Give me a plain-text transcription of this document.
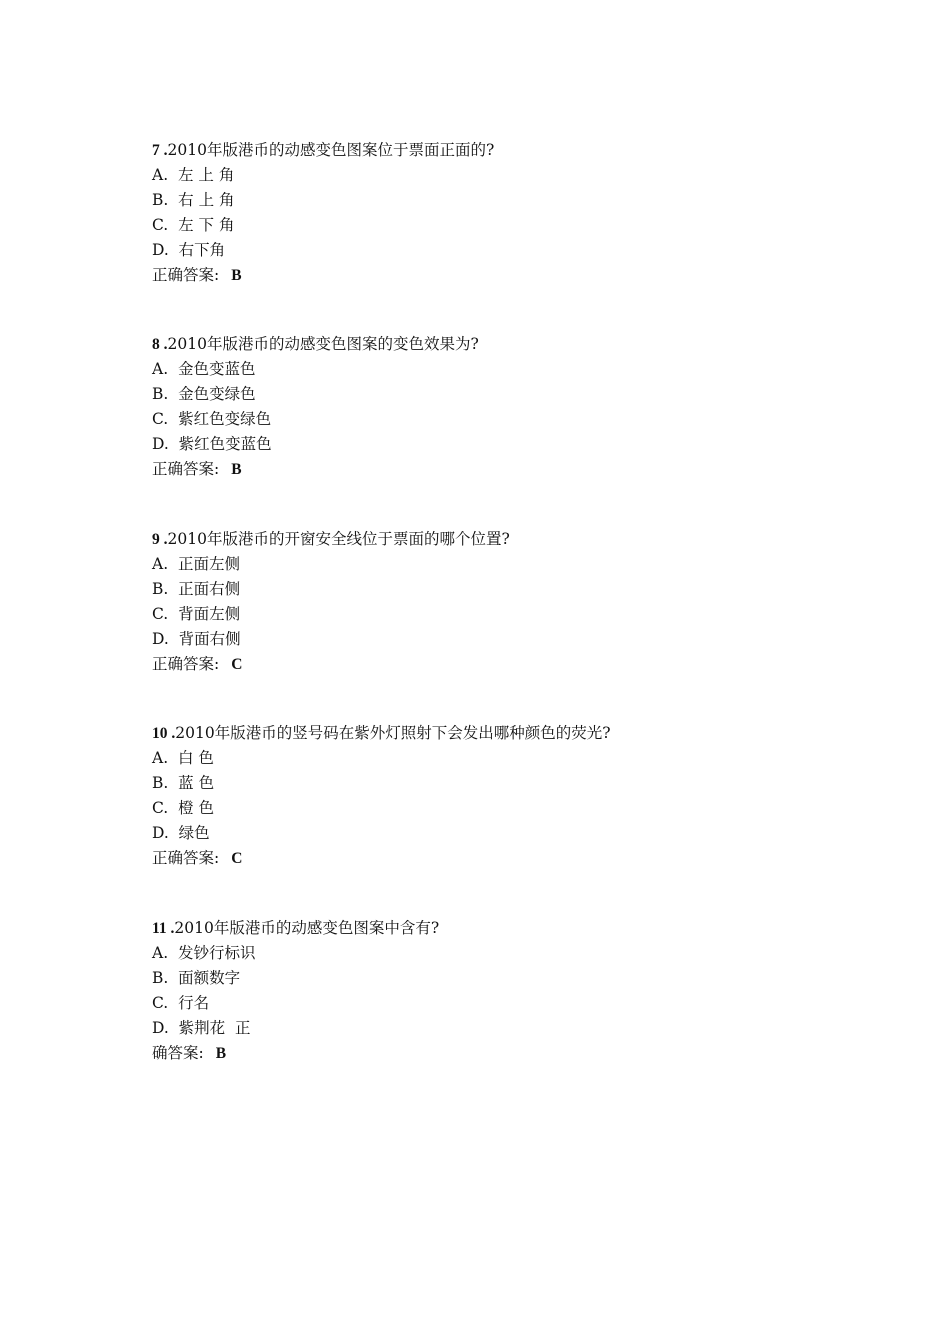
7 .2010年版港币的动感变色图案位于票面正面的?
A.  左 上 角
B.  右 上 角
C.  左 下 角
D.  右下角
正确答案: B
8 .2010年版港币的动感变色图案的变色效果为?
A.  金色变蓝色
B.  金色变绿色
C.  紫红色变绿色
D.  紫红色变蓝色
正确答案: B
9 .2010年版港币的开窗安全线位于票面的哪个位置?
A.  正面左侧
B.  正面右侧
C.  背面左侧
D.  背面右侧
正确答案: C
10 .2010年版港币的竖号码在紫外灯照射下会发出哪种颜色的荧光?
A.  白 色
B.  蓝 色
C.  橙 色
D.  绿色
正确答案: C
11 .2010年版港币的动感变色图案中含有?
A.  发钞行标识
B.  面额数字
C.  行名
D.  紫荆花  正
确答案: B
